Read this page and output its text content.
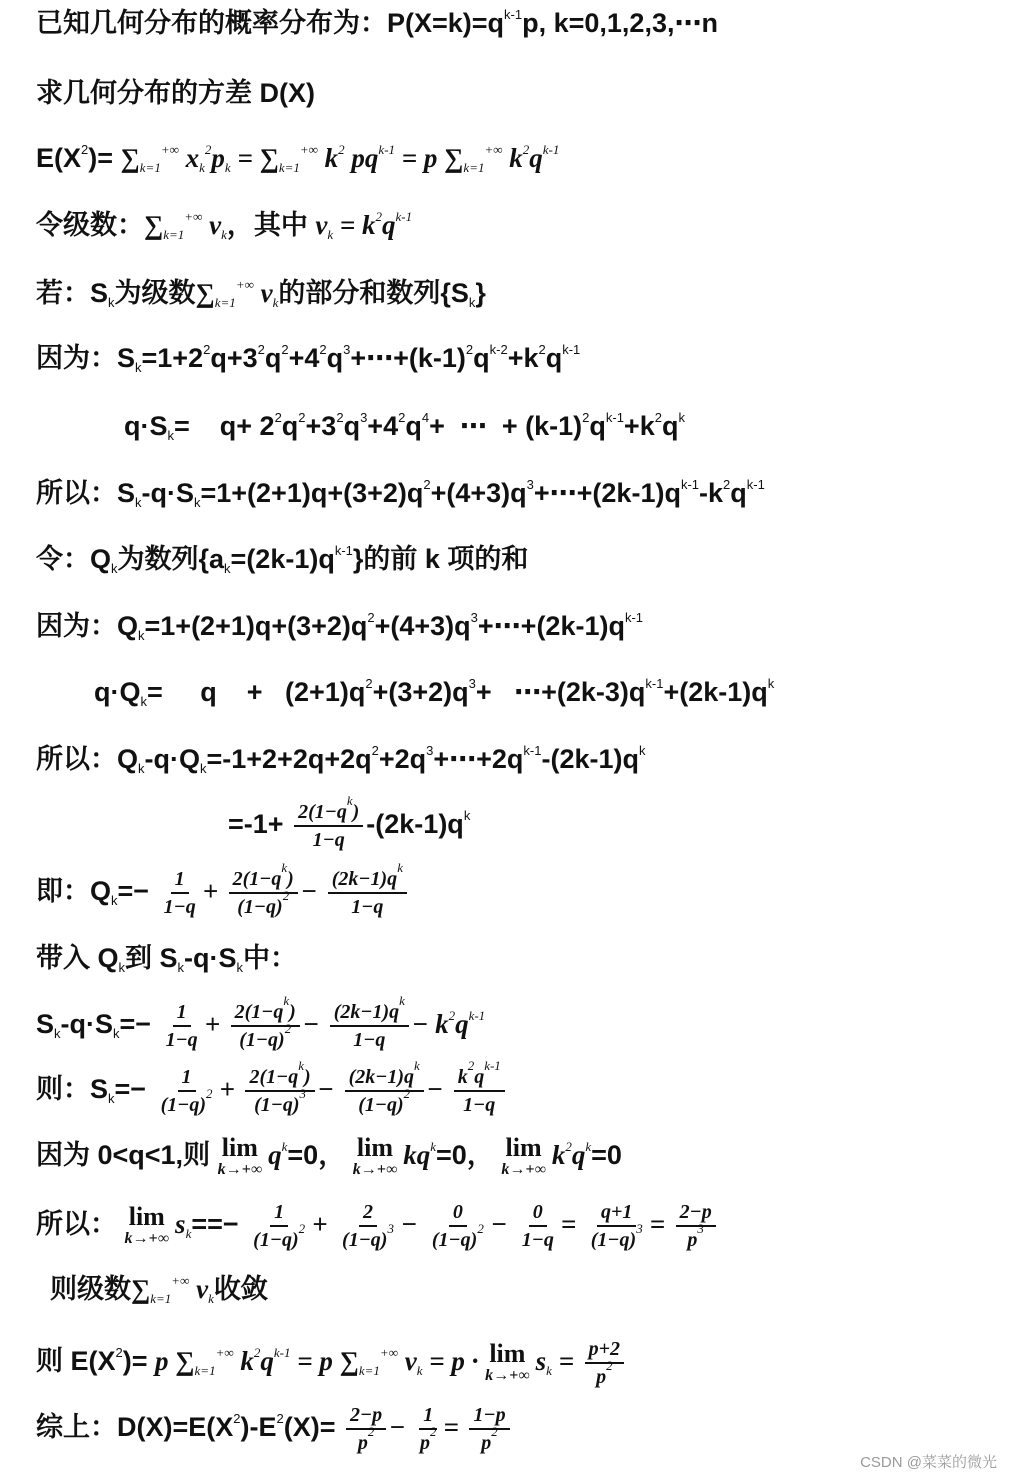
已知几何分布的概率分布为：$P(X=k)=q^{k-1}p$, k=0,1,2,3,⋯n
求几何分布的方差 D(X)
$E(X^2)= \sum_{k=1}^{+\infty}$ $x_k^2p_k = \sum_{k=1}^{+\infty}$ $k^2$ $pq^{k-1} = p$ $\sum_{k=1}^{+\infty}$ $k^2q^{k-1}$
令级数：$\sum_{k=1}^{+\infty}$ $v_k$，其中 $v_k = k^2q^{k-1}$
若：$S_k$为级数$\sum_{k=1}^{+\infty}$ $v_k$的部分和数列$\{S_k\}$
因为：$S_k=1+2^2q+3^2q^2+4^2q^3+\cdots+(k-1)^2q^{k-2}+k^2q^{k-1}$
$q\cdot S_k=$    $q+ 2^2q^2+3^2q^3+4^2q^4+$  ⋯  + $(k-1)^2q^{k-1}+k^2q^k$
所以：$S_k-q\cdot S_k=1+(2+1)q+(3+2)q^2+(4+3)q^3+\cdots+(2k-1)q^{k-1}-k^2q^{k-1}$
令：$Q_k$为数列$\{a_k=(2k-1)q^{k-1}\}$的前 k 项的和
因为：$Q_k=1+(2+1)q+(3+2)q^2+(4+3)q^3+\cdots+(2k-1)q^{k-1}$
$q\cdot Q_k=$     q    +   $(2+1)q^2+(3+2)q^3+$   $\cdots+(2k-3)q^{k-1}+(2k-1)q^k$
所以：$Q_k-q\cdot Q_k=-1+2+2q+2q^2+2q^3+\cdots+2q^{k-1}-(2k-1)q^k$
$=-1+ \frac{2(1-q^k)}{1-q} -(2k-1)q^k$
即：$Q_k=- \frac{1}{1-q} + \frac{2(1-q^k)}{(1-q)^2} - \frac{(2k-1)q^k}{1-q}$
带入 $Q_k$到 $S_k-q\cdot S_k$中：
$S_k-q\cdot S_k=- \frac{1}{1-q} + \frac{2(1-q^k)}{(1-q)^2} - \frac{(2k-1)q^k}{1-q} - k^2q^{k-1}$
则：$S_k=- \frac{1}{(1-q)^2} + \frac{2(1-q^k)}{(1-q)^3} - \frac{(2k-1)q^k}{(1-q)^2} - \frac{k^2q^{k-1}}{1-q}$
因为 0<q<1,则 lim
k→+∞ $q^k=0$， lim
k→+∞ $kq^k=0$， lim
k→+∞ $k^2q^k=0$
所以： lim
k→+∞ $s_k==- \frac{1}{(1-q)^2} + \frac{2}{(1-q)^3} - \frac{0}{(1-q)^2} - \frac{0}{1-q} = \frac{q+1}{(1-q)^3} = \frac{2-p}{p^3}$
则级数$\sum_{k=1}^{+\infty}$ $v_k$收敛
则 $E(X^2)= p$ $\sum_{k=1}^{+\infty}$ $k^2q^{k-1} = p$ $\sum_{k=1}^{+\infty}$ $v_k = p \cdot \lim$
k→+∞ $s_k = \frac{p+2}{p^2}$
综上：$D(X)=E(X^2)-E^2(X)= \frac{2-p}{p^2} - \frac{1}{p^2} = \frac{1-p}{p^2}$
CSDN @菜菜的微光
